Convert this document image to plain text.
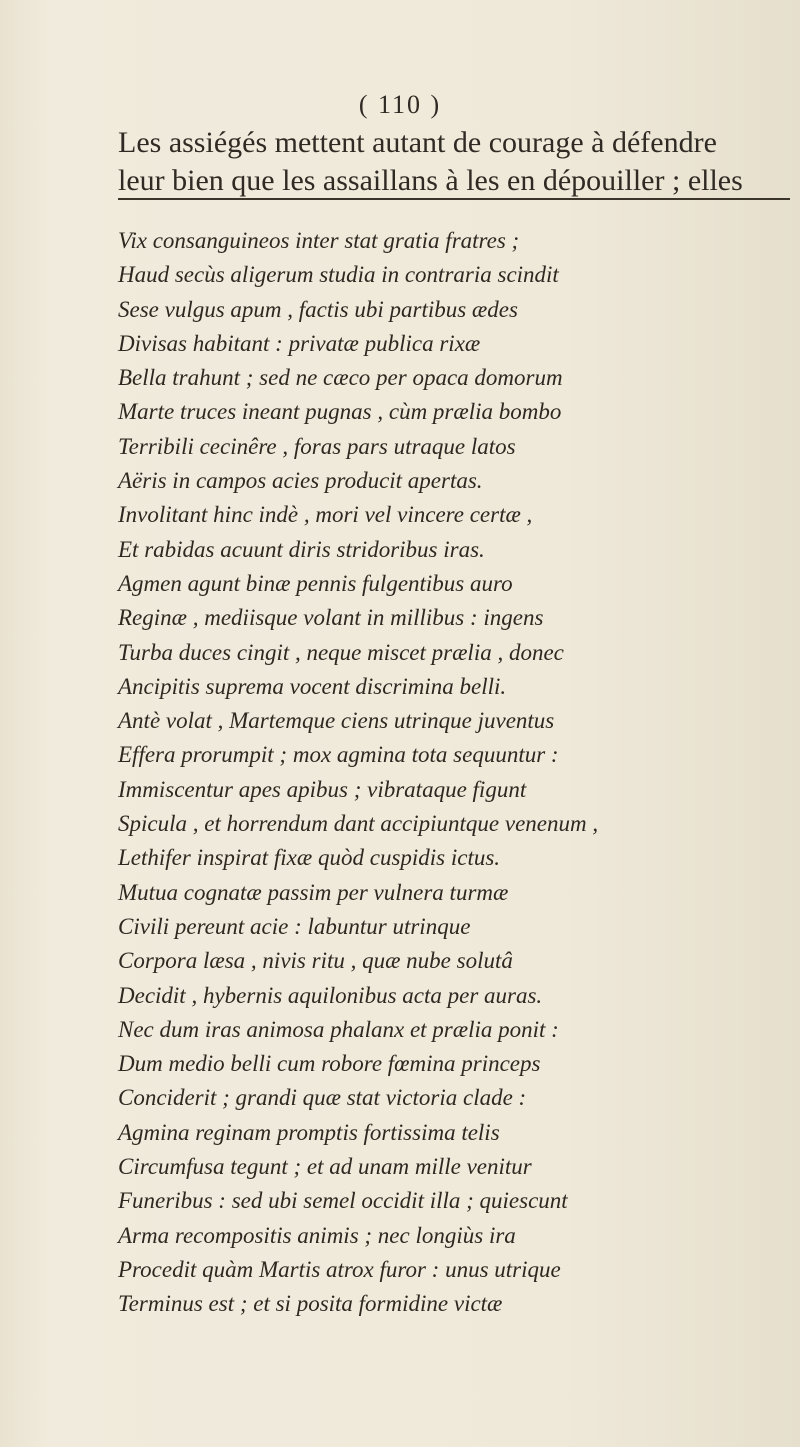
( 110 )
Les assiégés mettent autant de courage à défendre
leur bien que les assaillans à les en dépouiller ; elles
Vix consanguineos inter stat gratia fratres ;
Haud secùs aligerum studia in contraria scindit
Sese vulgus apum , factis ubi partibus ædes
Divisas habitant : privatæ publica rixæ
Bella trahunt ; sed ne cæco per opaca domorum
Marte truces ineant pugnas , cùm prælia bombo
Terribili cecinêre , foras pars utraque latos
Aëris in campos acies producit apertas.
Involitant hinc indè , mori vel vincere certæ ,
Et rabidas acuunt diris stridoribus iras.
Agmen agunt binæ pennis fulgentibus auro
Reginæ , mediisque volant in millibus : ingens
Turba duces cingit , neque miscet prælia , donec
Ancipitis suprema vocent discrimina belli.
Antè volat , Martemque ciens utrinque juventus
Effera prorumpit ; mox agmina tota sequuntur :
Immiscentur apes apibus ; vibrataque figunt
Spicula , et horrendum dant accipiuntque venenum ,
Lethifer inspirat fixæ quòd cuspidis ictus.
Mutua cognatæ passim per vulnera turmæ
Civili pereunt acie : labuntur utrinque
Corpora læsa , nivis ritu , quæ nube solutâ
Decidit , hybernis aquilonibus acta per auras.
Nec dum iras animosa phalanx et prælia ponit :
Dum medio belli cum robore fœmina princeps
Conciderit ; grandi quæ stat victoria clade :
Agmina reginam promptis fortissima telis
Circumfusa tegunt ; et ad unam mille venitur
Funeribus : sed ubi semel occidit illa ; quiescunt
Arma recompositis animis ; nec longiùs ira
Procedit quàm Martis atrox furor : unus utrique
Terminus est ; et si posita formidine victæ
